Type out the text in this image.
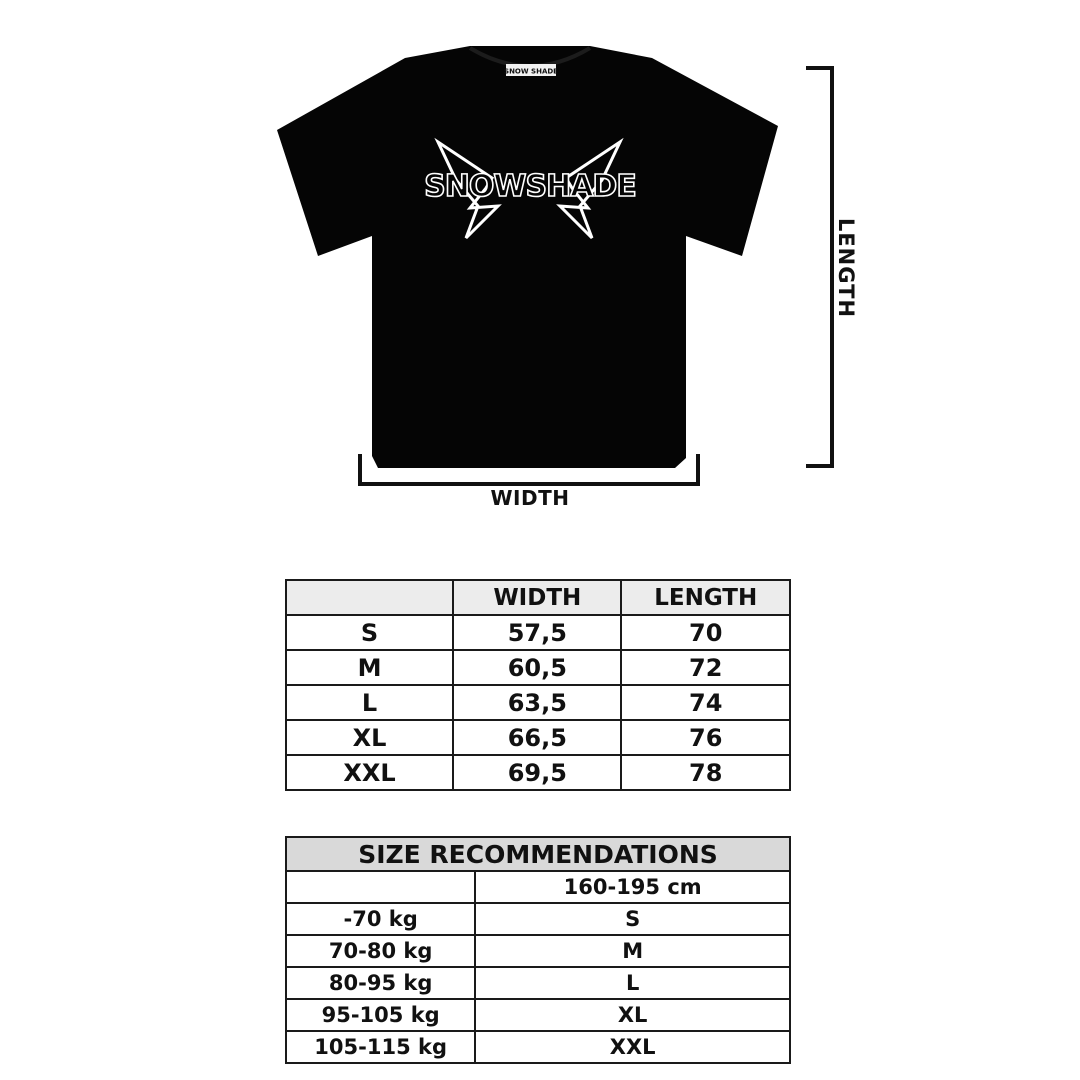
SNOW SHADE
SNOWSHADE
WIDTH
LENGTH
	WIDTH	LENGTH
S	57,5	70
M	60,5	72
L	63,5	74
XL	66,5	76
XXL	69,5	78
SIZE RECOMMENDATIONS	
	160-195 cm
-70 kg	S
70-80 kg	M
80-95 kg	L
95-105 kg	XL
105-115 kg	XXL
